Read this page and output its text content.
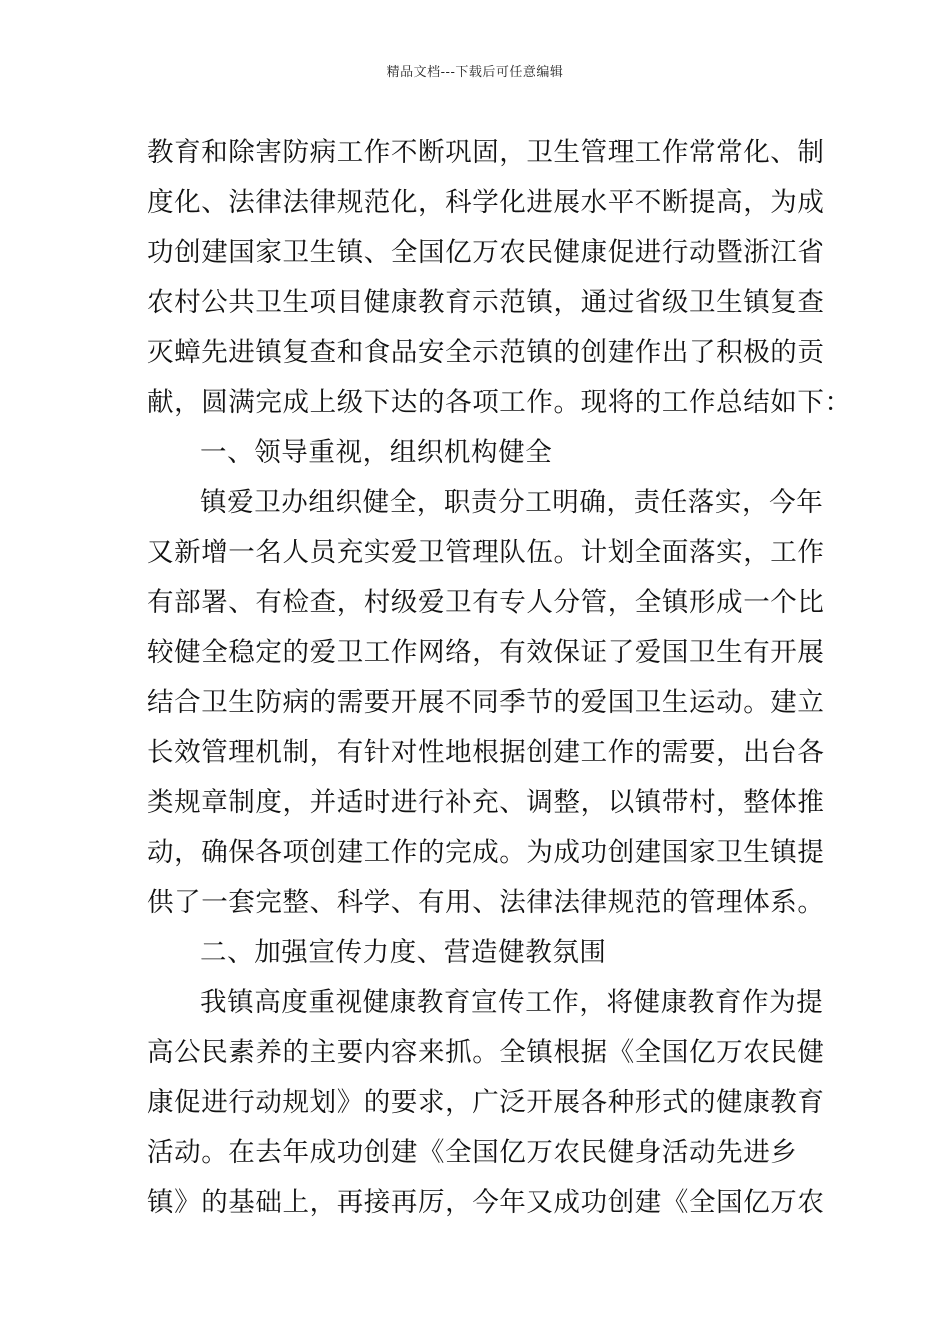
精品文档---下载后可任意编辑
教育和除害防病工作不断巩固，卫生管理工作常常化、制
度化、法律法律规范化，科学化进展水平不断提高，为成
功创建国家卫生镇、全国亿万农民健康促进行动暨浙江省
农村公共卫生项目健康教育示范镇，通过省级卫生镇复查
灭蟑先进镇复查和食品安全示范镇的创建作出了积极的贡
献，圆满完成上级下达的各项工作。现将的工作总结如下：
一、领导重视，组织机构健全
镇爱卫办组织健全，职责分工明确，责任落实，今年
又新增一名人员充实爱卫管理队伍。计划全面落实，工作
有部署、有检查，村级爱卫有专人分管，全镇形成一个比
较健全稳定的爱卫工作网络，有效保证了爱国卫生有开展
结合卫生防病的需要开展不同季节的爱国卫生运动。建立
长效管理机制，有针对性地根据创建工作的需要，出台各
类规章制度，并适时进行补充、调整，以镇带村，整体推
动，确保各项创建工作的完成。为成功创建国家卫生镇提
供了一套完整、科学、有用、法律法律规范的管理体系。
二、加强宣传力度、营造健教氛围
我镇高度重视健康教育宣传工作，将健康教育作为提
高公民素养的主要内容来抓。全镇根据《全国亿万农民健
康促进行动规划》的要求，广泛开展各种形式的健康教育
活动。在去年成功创建《全国亿万农民健身活动先进乡
镇》的基础上，再接再厉，今年又成功创建《全国亿万农
